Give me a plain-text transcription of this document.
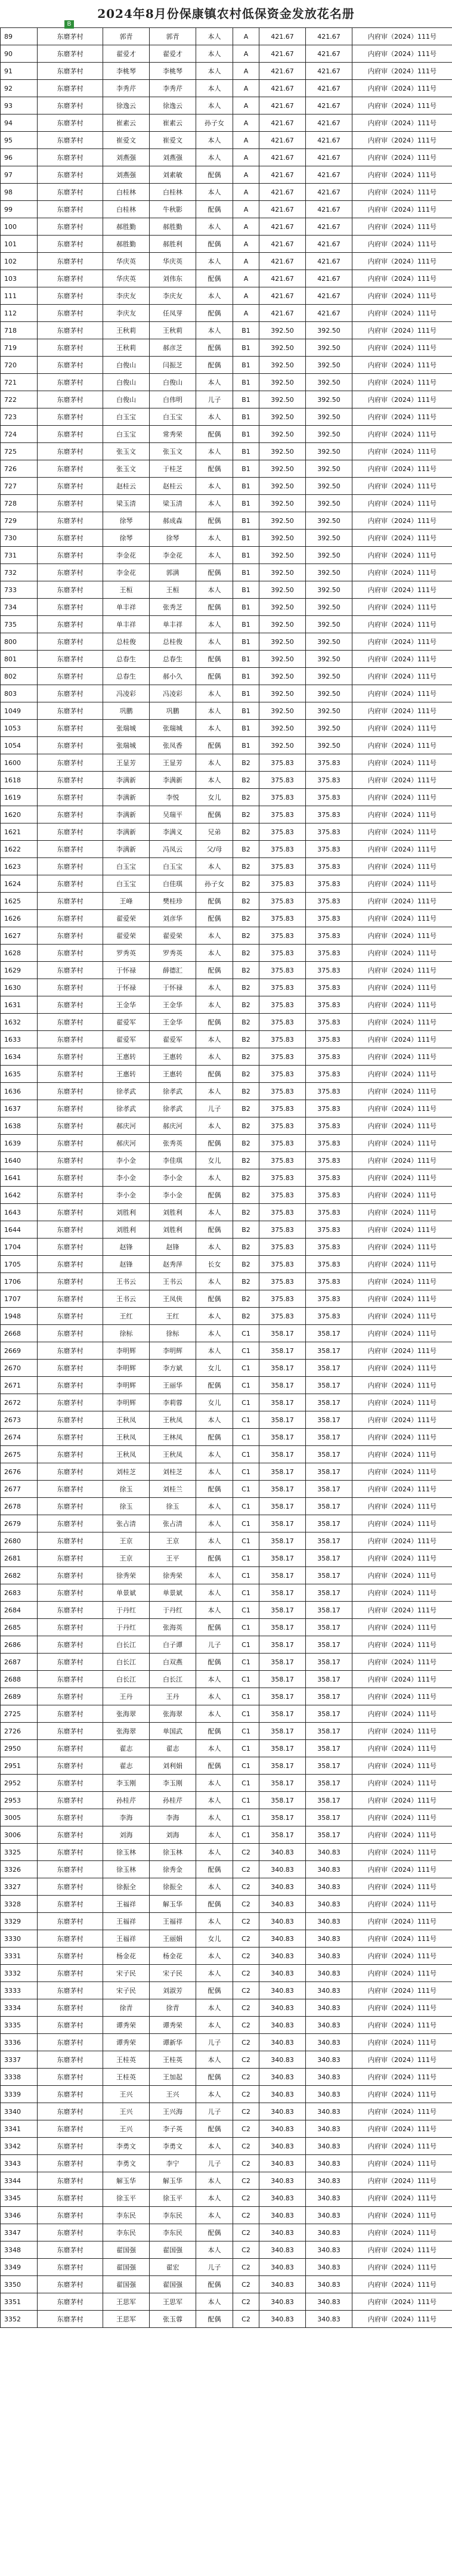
2024年8月份保康镇农村低保资金发放花名册
B
89	东磨茅村	郭青	郭青	本人	A	421.67	421.67	内府审（2024）111号
90	东磨茅村	翟爱才	翟爱才	本人	A	421.67	421.67	内府审（2024）111号
91	东磨茅村	李桃琴	李桃琴	本人	A	421.67	421.67	内府审（2024）111号
92	东磨茅村	李秀芹	李秀芹	本人	A	421.67	421.67	内府审（2024）111号
93	东磨茅村	徐逸云	徐逸云	本人	A	421.67	421.67	内府审（2024）111号
94	东磨茅村	崔素云	崔素云	孙子女	A	421.67	421.67	内府审（2024）111号
95	东磨茅村	崔爱文	崔爱文	本人	A	421.67	421.67	内府审（2024）111号
96	东磨茅村	刘燕强	刘燕强	本人	A	421.67	421.67	内府审（2024）111号
97	东磨茅村	刘燕强	刘素敏	配偶	A	421.67	421.67	内府审（2024）111号
98	东磨茅村	白桂林	白桂林	本人	A	421.67	421.67	内府审（2024）111号
99	东磨茅村	白桂林	牛秋影	配偶	A	421.67	421.67	内府审（2024）111号
100	东磨茅村	郝胜勤	郝胜勤	本人	A	421.67	421.67	内府审（2024）111号
101	东磨茅村	郝胜勤	郝胜利	配偶	A	421.67	421.67	内府审（2024）111号
102	东磨茅村	华庆英	华庆英	本人	A	421.67	421.67	内府审（2024）111号
103	东磨茅村	华庆英	刘伟东	配偶	A	421.67	421.67	内府审（2024）111号
111	东磨茅村	李庆友	李庆友	本人	A	421.67	421.67	内府审（2024）111号
112	东磨茅村	李庆友	任凤芽	配偶	A	421.67	421.67	内府审（2024）111号
718	东磨茅村	王秋莉	王秋莉	本人	B1	392.50	392.50	内府审（2024）111号
719	东磨茅村	王秋莉	郝彦芝	配偶	B1	392.50	392.50	内府审（2024）111号
720	东磨茅村	白俊山	闫振芝	配偶	B1	392.50	392.50	内府审（2024）111号
721	东磨茅村	白俊山	白俊山	本人	B1	392.50	392.50	内府审（2024）111号
722	东磨茅村	白俊山	白伟明	儿子	B1	392.50	392.50	内府审（2024）111号
723	东磨茅村	白玉宝	白玉宝	本人	B1	392.50	392.50	内府审（2024）111号
724	东磨茅村	白玉宝	常秀荣	配偶	B1	392.50	392.50	内府审（2024）111号
725	东磨茅村	张玉文	张玉文	本人	B1	392.50	392.50	内府审（2024）111号
726	东磨茅村	张玉文	于桂芝	配偶	B1	392.50	392.50	内府审（2024）111号
727	东磨茅村	赵桂云	赵桂云	本人	B1	392.50	392.50	内府审（2024）111号
728	东磨茅村	梁玉清	梁玉清	本人	B1	392.50	392.50	内府审（2024）111号
729	东磨茅村	徐琴	郝成森	配偶	B1	392.50	392.50	内府审（2024）111号
730	东磨茅村	徐琴	徐琴	本人	B1	392.50	392.50	内府审（2024）111号
731	东磨茅村	李金花	李金花	本人	B1	392.50	392.50	内府审（2024）111号
732	东磨茅村	李金花	郭满	配偶	B1	392.50	392.50	内府审（2024）111号
733	东磨茅村	王桓	王桓	本人	B1	392.50	392.50	内府审（2024）111号
734	东磨茅村	单丰祥	张秀芝	配偶	B1	392.50	392.50	内府审（2024）111号
735	东磨茅村	单丰祥	单丰祥	本人	B1	392.50	392.50	内府审（2024）111号
800	东磨茅村	总桂俊	总桂俊	本人	B1	392.50	392.50	内府审（2024）111号
801	东磨茅村	总春生	总春生	配偶	B1	392.50	392.50	内府审（2024）111号
802	东磨茅村	总春生	郝小久	配偶	B1	392.50	392.50	内府审（2024）111号
803	东磨茅村	冯凌彩	冯凌彩	本人	B1	392.50	392.50	内府审（2024）111号
1049	东磨茅村	巩鹏	巩鹏	本人	B1	392.50	392.50	内府审（2024）111号
1053	东磨茅村	张瑞城	张瑞城	本人	B1	392.50	392.50	内府审（2024）111号
1054	东磨茅村	张瑞城	张凤香	配偶	B1	392.50	392.50	内府审（2024）111号
1600	东磨茅村	王显芳	王显芳	本人	B2	375.83	375.83	内府审（2024）111号
1618	东磨茅村	李满新	李满新	本人	B2	375.83	375.83	内府审（2024）111号
1619	东磨茅村	李满新	李悦	女儿	B2	375.83	375.83	内府审（2024）111号
1620	东磨茅村	李满新	吴瑞平	配偶	B2	375.83	375.83	内府审（2024）111号
1621	东磨茅村	李满新	李满义	兄弟	B2	375.83	375.83	内府审（2024）111号
1622	东磨茅村	李满新	冯凤云	父/母	B2	375.83	375.83	内府审（2024）111号
1623	东磨茅村	白玉宝	白玉宝	本人	B2	375.83	375.83	内府审（2024）111号
1624	东磨茅村	白玉宝	白佳琪	孙子女	B2	375.83	375.83	内府审（2024）111号
1625	东磨茅村	王峰	樊桂珍	配偶	B2	375.83	375.83	内府审（2024）111号
1626	东磨茅村	翟爱荣	刘彦华	配偶	B2	375.83	375.83	内府审（2024）111号
1627	东磨茅村	翟爱荣	翟爱荣	本人	B2	375.83	375.83	内府审（2024）111号
1628	东磨茅村	罗秀英	罗秀英	本人	B2	375.83	375.83	内府审（2024）111号
1629	东磨茅村	于怀禄	薛德汇	配偶	B2	375.83	375.83	内府审（2024）111号
1630	东磨茅村	于怀禄	于怀禄	本人	B2	375.83	375.83	内府审（2024）111号
1631	东磨茅村	王金华	王金华	本人	B2	375.83	375.83	内府审（2024）111号
1632	东磨茅村	翟爱军	王金华	配偶	B2	375.83	375.83	内府审（2024）111号
1633	东磨茅村	翟爱军	翟爱军	本人	B2	375.83	375.83	内府审（2024）111号
1634	东磨茅村	王惠转	王惠转	本人	B2	375.83	375.83	内府审（2024）111号
1635	东磨茅村	王惠转	王惠转	配偶	B2	375.83	375.83	内府审（2024）111号
1636	东磨茅村	徐孝武	徐孝武	本人	B2	375.83	375.83	内府审（2024）111号
1637	东磨茅村	徐孝武	徐孝武	儿子	B2	375.83	375.83	内府审（2024）111号
1638	东磨茅村	郝庆河	郝庆河	本人	B2	375.83	375.83	内府审（2024）111号
1639	东磨茅村	郝庆河	张秀英	配偶	B2	375.83	375.83	内府审（2024）111号
1640	东磨茅村	李小金	李佳琪	女儿	B2	375.83	375.83	内府审（2024）111号
1641	东磨茅村	李小金	李小金	本人	B2	375.83	375.83	内府审（2024）111号
1642	东磨茅村	李小金	李小金	配偶	B2	375.83	375.83	内府审（2024）111号
1643	东磨茅村	刘胜利	刘胜利	本人	B2	375.83	375.83	内府审（2024）111号
1644	东磨茅村	刘胜利	刘胜利	配偶	B2	375.83	375.83	内府审（2024）111号
1704	东磨茅村	赵锋	赵锋	本人	B2	375.83	375.83	内府审（2024）111号
1705	东磨茅村	赵锋	赵秀萍	长女	B2	375.83	375.83	内府审（2024）111号
1706	东磨茅村	王书云	王书云	本人	B2	375.83	375.83	内府审（2024）111号
1707	东磨茅村	王书云	王凤侠	配偶	B2	375.83	375.83	内府审（2024）111号
1948	东磨茅村	王红	王红	本人	B2	375.83	375.83	内府审（2024）111号
2668	东磨茅村	徐标	徐标	本人	C1	358.17	358.17	内府审（2024）111号
2669	东磨茅村	李明辉	李明辉	本人	C1	358.17	358.17	内府审（2024）111号
2670	东磨茅村	李明辉	李方斌	女儿	C1	358.17	358.17	内府审（2024）111号
2671	东磨茅村	李明辉	王丽华	配偶	C1	358.17	358.17	内府审（2024）111号
2672	东磨茅村	李明辉	李莉蓉	女儿	C1	358.17	358.17	内府审（2024）111号
2673	东磨茅村	王秋凤	王秋凤	本人	C1	358.17	358.17	内府审（2024）111号
2674	东磨茅村	王秋凤	王林凤	配偶	C1	358.17	358.17	内府审（2024）111号
2675	东磨茅村	王秋凤	王秋凤	本人	C1	358.17	358.17	内府审（2024）111号
2676	东磨茅村	刘桂芝	刘桂芝	本人	C1	358.17	358.17	内府审（2024）111号
2677	东磨茅村	徐玉	刘桂兰	配偶	C1	358.17	358.17	内府审（2024）111号
2678	东磨茅村	徐玉	徐玉	本人	C1	358.17	358.17	内府审（2024）111号
2679	东磨茅村	张占清	张占清	本人	C1	358.17	358.17	内府审（2024）111号
2680	东磨茅村	王京	王京	本人	C1	358.17	358.17	内府审（2024）111号
2681	东磨茅村	王京	王平	配偶	C1	358.17	358.17	内府审（2024）111号
2682	东磨茅村	徐秀荣	徐秀荣	本人	C1	358.17	358.17	内府审（2024）111号
2683	东磨茅村	单景斌	单景斌	本人	C1	358.17	358.17	内府审（2024）111号
2684	东磨茅村	于丹红	于丹红	本人	C1	358.17	358.17	内府审（2024）111号
2685	东磨茅村	于丹红	张海英	配偶	C1	358.17	358.17	内府审（2024）111号
2686	东磨茅村	白长江	白子谭	儿子	C1	358.17	358.17	内府审（2024）111号
2687	东磨茅村	白长江	白双燕	配偶	C1	358.17	358.17	内府审（2024）111号
2688	东磨茅村	白长江	白长江	本人	C1	358.17	358.17	内府审（2024）111号
2689	东磨茅村	王丹	王丹	本人	C1	358.17	358.17	内府审（2024）111号
2725	东磨茅村	张海翠	张海翠	本人	C1	358.17	358.17	内府审（2024）111号
2726	东磨茅村	张海翠	单国武	配偶	C1	358.17	358.17	内府审（2024）111号
2950	东磨茅村	翟志	翟志	本人	C1	358.17	358.17	内府审（2024）111号
2951	东磨茅村	翟志	刘利娟	配偶	C1	358.17	358.17	内府审（2024）111号
2952	东磨茅村	李玉刚	李玉刚	本人	C1	358.17	358.17	内府审（2024）111号
2953	东磨茅村	孙桂芹	孙桂芹	本人	C1	358.17	358.17	内府审（2024）111号
3005	东磨茅村	李海	李海	本人	C1	358.17	358.17	内府审（2024）111号
3006	东磨茅村	刘海	刘海	本人	C1	358.17	358.17	内府审（2024）111号
3325	东磨茅村	徐玉林	徐玉林	本人	C2	340.83	340.83	内府审（2024）111号
3326	东磨茅村	徐玉林	徐秀金	配偶	C2	340.83	340.83	内府审（2024）111号
3327	东磨茅村	徐振全	徐振全	本人	C2	340.83	340.83	内府审（2024）111号
3328	东磨茅村	王福祥	解玉华	配偶	C2	340.83	340.83	内府审（2024）111号
3329	东磨茅村	王福祥	王福祥	本人	C2	340.83	340.83	内府审（2024）111号
3330	东磨茅村	王福祥	王丽娟	女儿	C2	340.83	340.83	内府审（2024）111号
3331	东磨茅村	杨金花	杨金花	本人	C2	340.83	340.83	内府审（2024）111号
3332	东磨茅村	宋子民	宋子民	本人	C2	340.83	340.83	内府审（2024）111号
3333	东磨茅村	宋子民	刘淑芳	配偶	C2	340.83	340.83	内府审（2024）111号
3334	东磨茅村	徐青	徐青	本人	C2	340.83	340.83	内府审（2024）111号
3335	东磨茅村	谭秀荣	谭秀荣	本人	C2	340.83	340.83	内府审（2024）111号
3336	东磨茅村	谭秀荣	谭新华	儿子	C2	340.83	340.83	内府审（2024）111号
3337	东磨茅村	王桂英	王桂英	本人	C2	340.83	340.83	内府审（2024）111号
3338	东磨茅村	王桂英	王加起	配偶	C2	340.83	340.83	内府审（2024）111号
3339	东磨茅村	王兴	王兴	本人	C2	340.83	340.83	内府审（2024）111号
3340	东磨茅村	王兴	王兴海	儿子	C2	340.83	340.83	内府审（2024）111号
3341	东磨茅村	王兴	李子英	配偶	C2	340.83	340.83	内府审（2024）111号
3342	东磨茅村	李勇文	李勇文	本人	C2	340.83	340.83	内府审（2024）111号
3343	东磨茅村	李勇文	李宁	儿子	C2	340.83	340.83	内府审（2024）111号
3344	东磨茅村	解玉华	解玉华	本人	C2	340.83	340.83	内府审（2024）111号
3345	东磨茅村	徐玉平	徐玉平	本人	C2	340.83	340.83	内府审（2024）111号
3346	东磨茅村	李东民	李东民	本人	C2	340.83	340.83	内府审（2024）111号
3347	东磨茅村	李东民	李东民	配偶	C2	340.83	340.83	内府审（2024）111号
3348	东磨茅村	翟国强	翟国强	本人	C2	340.83	340.83	内府审（2024）111号
3349	东磨茅村	翟国强	翟宏	儿子	C2	340.83	340.83	内府审（2024）111号
3350	东磨茅村	翟国强	翟国强	配偶	C2	340.83	340.83	内府审（2024）111号
3351	东磨茅村	王思军	王思军	本人	C2	340.83	340.83	内府审（2024）111号
3352	东磨茅村	王思军	张玉蓉	配偶	C2	340.83	340.83	内府审（2024）111号
